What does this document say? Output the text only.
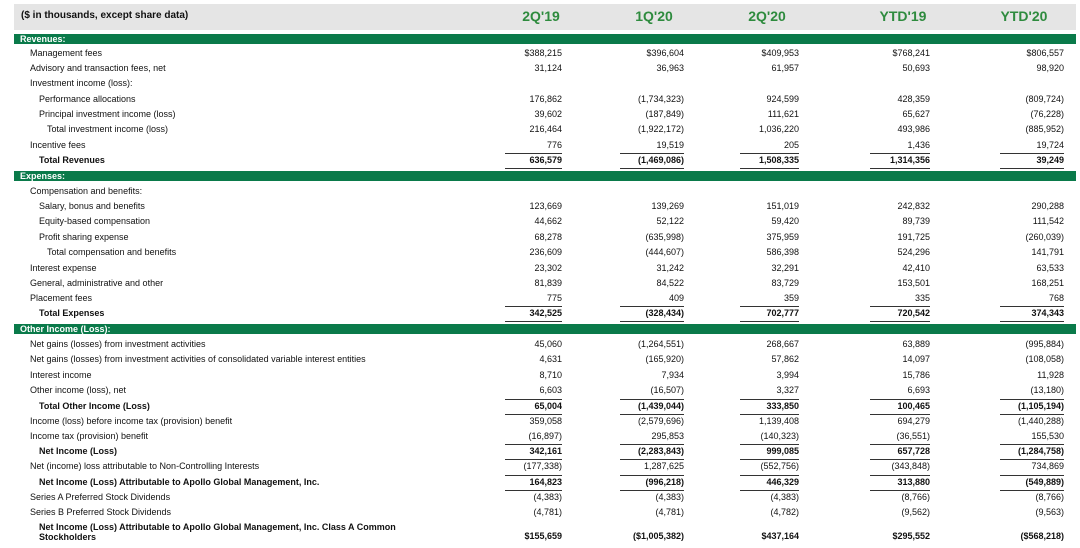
($ in thousands, except share data)	2Q'19	1Q'20	2Q'20	YTD'19	YTD'20
Revenues:
Expenses:
Other Income (Loss):
Management fees	$388,215	$396,604	$409,953	$768,241	$806,557
Advisory and transaction fees, net	31,124	36,963	61,957	50,693	98,920
Investment income (loss):
Performance allocations	176,862	(1,734,323)	924,599	428,359	(809,724)
Principal investment income (loss)	39,602	(187,849)	111,621	65,627	(76,228)
Total investment income (loss)	216,464	(1,922,172)	1,036,220	493,986	(885,952)
Incentive fees	776	19,519	205	1,436	19,724
Total Revenues	636,579	(1,469,086)	1,508,335	1,314,356	39,249
Compensation and benefits:
Salary, bonus and benefits	123,669	139,269	151,019	242,832	290,288
Equity-based compensation	44,662	52,122	59,420	89,739	111,542
Profit sharing expense	68,278	(635,998)	375,959	191,725	(260,039)
Total compensation and benefits	236,609	(444,607)	586,398	524,296	141,791
Interest expense	23,302	31,242	32,291	42,410	63,533
General, administrative and other	81,839	84,522	83,729	153,501	168,251
Placement fees	775	409	359	335	768
Total Expenses	342,525	(328,434)	702,777	720,542	374,343
Net gains (losses) from investment activities	45,060	(1,264,551)	268,667	63,889	(995,884)
Net gains (losses) from investment activities of consolidated variable interest entities	4,631	(165,920)	57,862	14,097	(108,058)
Interest income	8,710	7,934	3,994	15,786	11,928
Other income (loss), net	6,603	(16,507)	3,327	6,693	(13,180)
Total Other Income (Loss)	65,004	(1,439,044)	333,850	100,465	(1,105,194)
Income (loss) before income tax (provision) benefit	359,058	(2,579,696)	1,139,408	694,279	(1,440,288)
Income tax (provision) benefit	(16,897)	295,853	(140,323)	(36,551)	155,530
Net Income (Loss)	342,161	(2,283,843)	999,085	657,728	(1,284,758)
Net (income) loss attributable to Non-Controlling Interests	(177,338)	1,287,625	(552,756)	(343,848)	734,869
Net Income (Loss) Attributable to Apollo Global Management, Inc.	164,823	(996,218)	446,329	313,880	(549,889)
Series A Preferred Stock Dividends	(4,383)	(4,383)	(4,383)	(8,766)	(8,766)
Series B Preferred Stock Dividends	(4,781)	(4,781)	(4,782)	(9,562)	(9,563)
Net Income (Loss) Attributable to Apollo Global Management, Inc. Class A Common
Stockholders	$155,659	($1,005,382)	$437,164	$295,552	($568,218)
